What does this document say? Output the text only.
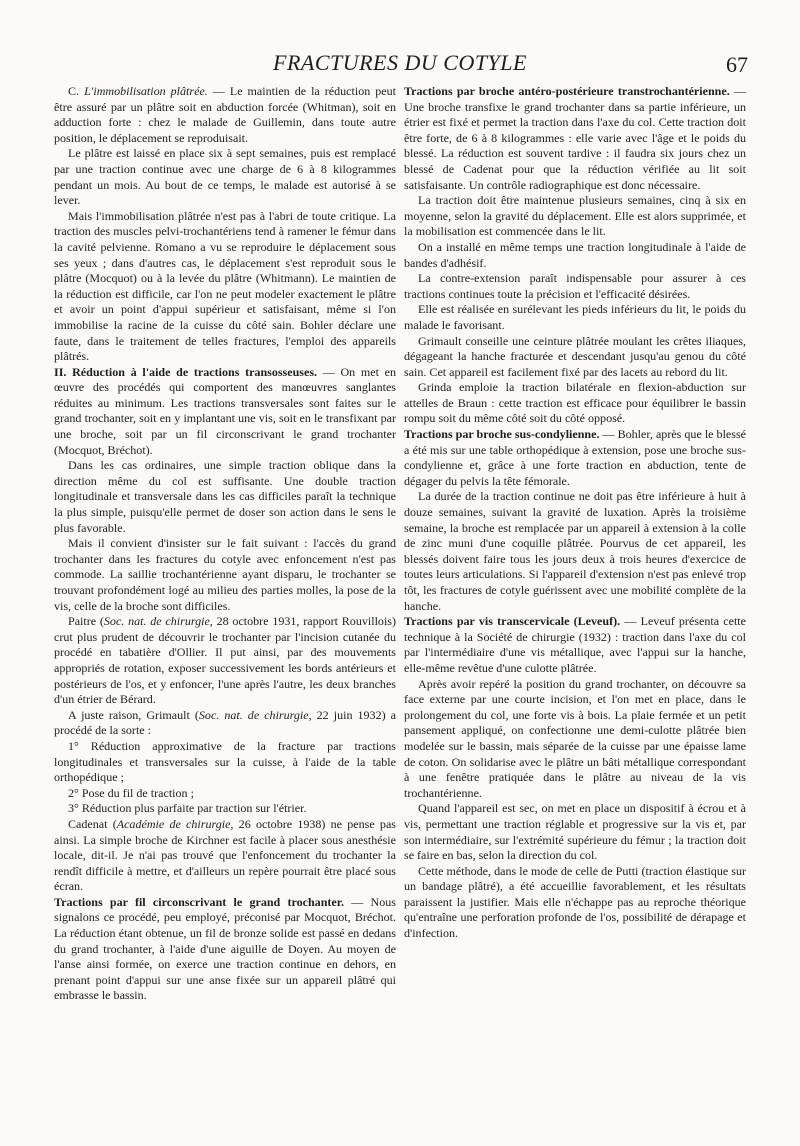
FRACTURES DU COTYLE	67

C. L'immobilisation plâtrée. — Le maintien de la réduction peut être assuré par un plâtre soit en abduction forcée (Whitman), soit en adduction forte : chez le malade de Guillemin, dans toute autre position, le déplacement se reproduisait.

Le plâtre est laissé en place six à sept semaines, puis est remplacé par une traction continue avec une charge de 6 à 8 kilogrammes pendant un mois. Au bout de ce temps, le malade est autorisé à se lever.

Mais l'immobilisation plâtrée n'est pas à l'abri de toute critique. La traction des muscles pelvi-trochantériens tend à ramener le fémur dans la cavité pelvienne. Romano a vu se reproduire le déplacement sous ses yeux ; dans d'autres cas, le déplacement s'est reproduit sous le plâtre (Mocquot) ou à la levée du plâtre (Whitmann). Le maintien de la réduction est difficile, car l'on ne peut modeler exactement le plâtre et avoir un point d'appui supérieur et satisfaisant, même si l'on immobilise la racine de la cuisse du côté sain. Bohler déclare une faute, dans le traitement de telles fractures, l'emploi des appareils plâtrés.

II. Réduction à l'aide de tractions transosseuses. — On met en œuvre des procédés qui comportent des manœuvres sanglantes réduites au minimum. Les tractions transversales sont faites sur le grand trochanter, soit en y implantant une vis, soit en le transfixant par une broche, soit par un fil circonscrivant le grand trochanter (Mocquot, Bréchot).

Dans les cas ordinaires, une simple traction oblique dans la direction même du col est suffisante. Une double traction longitudinale et transversale dans les cas difficiles paraît la technique la plus simple, puisqu'elle permet de doser son action dans le sens le plus favorable.

Mais il convient d'insister sur le fait suivant : l'accès du grand trochanter dans les fractures du cotyle avec enfoncement n'est pas commode. La saillie trochantérienne ayant disparu, le trochanter se trouvant profondément logé au milieu des parties molles, la pose de la vis, celle de la broche sont difficiles.

Paitre (Soc. nat. de chirurgie, 28 octobre 1931, rapport Rouvillois) crut plus prudent de découvrir le trochanter par l'incision cutanée du procédé en tabatière d'Ollier. Il put ainsi, par des mouvements appropriés de rotation, exposer successivement les bords antérieurs et postérieurs de l'os, et y enfoncer, l'une après l'autre, les deux branches d'un étrier de Bérard.

A juste raison, Grimault (Soc. nat. de chirurgie, 22 juin 1932) a procédé de la sorte :

1° Réduction approximative de la fracture par tractions longitudinales et transversales sur la cuisse, à l'aide de la table orthopédique ;

2° Pose du fil de traction ;

3° Réduction plus parfaite par traction sur l'étrier.

Cadenat (Académie de chirurgie, 26 octobre 1938) ne pense pas ainsi. La simple broche de Kirchner est facile à placer sous anesthésie locale, dit-il. Je n'ai pas trouvé que l'enfoncement du trochanter la rendît difficile à mettre, et d'ailleurs un repère pourrait être placé sous écran.

Tractions par fil circonscrivant le grand trochanter. — Nous signalons ce procédé, peu employé, préconisé par Mocquot, Bréchot. La réduction étant obtenue, un fil de bronze solide est passé en dedans du grand trochanter, à l'aide d'une aiguille de Doyen. Au moyen de l'anse ainsi formée, on exerce une traction continue en dehors, en prenant point d'appui sur une anse fixée sur un appareil plâtré qui embrasse le bassin.

Tractions par broche antéro-postérieure transtrochantérienne. — Une broche transfixe le grand trochanter dans sa partie inférieure, un étrier est fixé et permet la traction dans l'axe du col. Cette traction doit être forte, de 6 à 8 kilogrammes : elle varie avec l'âge et le poids du blessé. La réduction est souvent tardive : il faudra six jours chez un blessé de Cadenat pour que la réduction vérifiée au lit soit satisfaisante. Un contrôle radiographique est donc nécessaire.

La traction doit être maintenue plusieurs semaines, cinq à six en moyenne, selon la gravité du déplacement. Elle est alors supprimée, et la mobilisation est commencée dans le lit.

On a installé en même temps une traction longitudinale à l'aide de bandes d'adhésif.

La contre-extension paraît indispensable pour assurer à ces tractions continues toute la précision et l'efficacité désirées.

Elle est réalisée en surélevant les pieds inférieurs du lit, le poids du malade le favorisant.

Grimault conseille une ceinture plâtrée moulant les crêtes iliaques, dégageant la hanche fracturée et descendant jusqu'au genou du côté sain. Cet appareil est facilement fixé par des lacets au rebord du lit.

Grinda emploie la traction bilatérale en flexion-abduction sur attelles de Braun : cette traction est efficace pour équilibrer le bassin rompu soit du même côté soit du côté opposé.

Tractions par broche sus-condylienne. — Bohler, après que le blessé a été mis sur une table orthopédique à extension, pose une broche sus-condylienne et, grâce à une forte traction en abduction, tente de dégager du pelvis la tête fémorale.

La durée de la traction continue ne doit pas être inférieure à huit à douze semaines, suivant la gravité de luxation. Après la troisième semaine, la broche est remplacée par un appareil à extension à la colle de zinc muni d'une coquille plâtrée. Pourvus de cet appareil, les blessés doivent faire tous les jours deux à trois heures d'exercice de toutes leurs articulations. Si l'appareil d'extension n'est pas enlevé trop tôt, les fractures de cotyle guérissent avec une mobilité complète de la hanche.

Tractions par vis transcervicale (Leveuf). — Leveuf présenta cette technique à la Société de chirurgie (1932) : traction dans l'axe du col par l'intermédiaire d'une vis métallique, avec l'appui sur la hanche, elle-même revêtue d'une culotte plâtrée.

Après avoir repéré la position du grand trochanter, on découvre sa face externe par une courte incision, et l'on met en place, dans le prolongement du col, une forte vis à bois. La plaie fermée et un petit pansement appliqué, on confectionne une demi-culotte plâtrée bien modelée sur le bassin, mais séparée de la cuisse par une épaisse lame de coton. On solidarise avec le plâtre un bâti métallique correspondant à une fenêtre pratiquée dans le plâtre au niveau de la vis trochantérienne.

Quand l'appareil est sec, on met en place un dispositif à écrou et à vis, permettant une traction réglable et progressive sur la vis et, par son intermédiaire, sur l'extrémité supérieure du fémur ; la traction doit se faire en bas, selon la direction du col.

Cette méthode, dans le mode de celle de Putti (traction élastique sur un bandage plâtré), a été accueillie favorablement, et les résultats paraissent la justifier. Mais elle n'échappe pas au reproche théorique qu'entraîne une perforation profonde de l'os, possibilité de dérapage et d'infection.
